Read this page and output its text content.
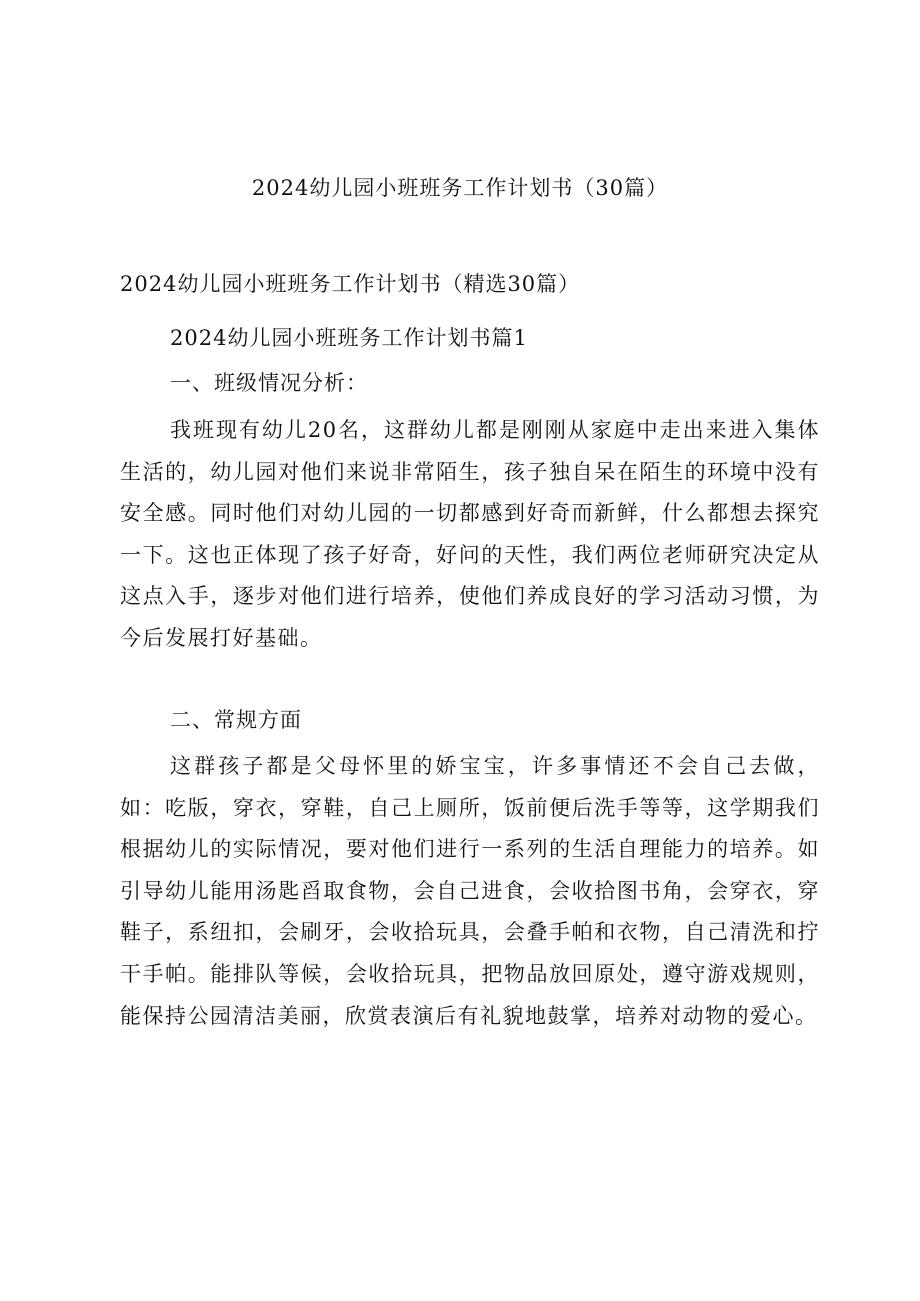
2024幼儿园小班班务工作计划书（30篇）

2024幼儿园小班班务工作计划书（精选30篇）

2024幼儿园小班班务工作计划书篇1

一、班级情况分析：

我班现有幼儿20名，这群幼儿都是刚刚从家庭中走出来进入集体生活的，幼儿园对他们来说非常陌生，孩子独自呆在陌生的环境中没有安全感。同时他们对幼儿园的一切都感到好奇而新鲜，什么都想去探究一下。这也正体现了孩子好奇，好问的天性，我们两位老师研究决定从这点入手，逐步对他们进行培养，使他们养成良好的学习活动习惯，为今后发展打好基础。

二、常规方面

这群孩子都是父母怀里的娇宝宝，许多事情还不会自己去做，如：吃版，穿衣，穿鞋，自己上厕所，饭前便后洗手等等，这学期我们根据幼儿的实际情况，要对他们进行一系列的生活自理能力的培养。如引导幼儿能用汤匙舀取食物，会自己进食，会收拾图书角，会穿衣，穿鞋子，系纽扣，会刷牙，会收拾玩具，会叠手帕和衣物，自己清洗和拧干手帕。能排队等候，会收拾玩具，把物品放回原处，遵守游戏规则，能保持公园清洁美丽，欣赏表演后有礼貌地鼓掌，培养对动物的爱心。
